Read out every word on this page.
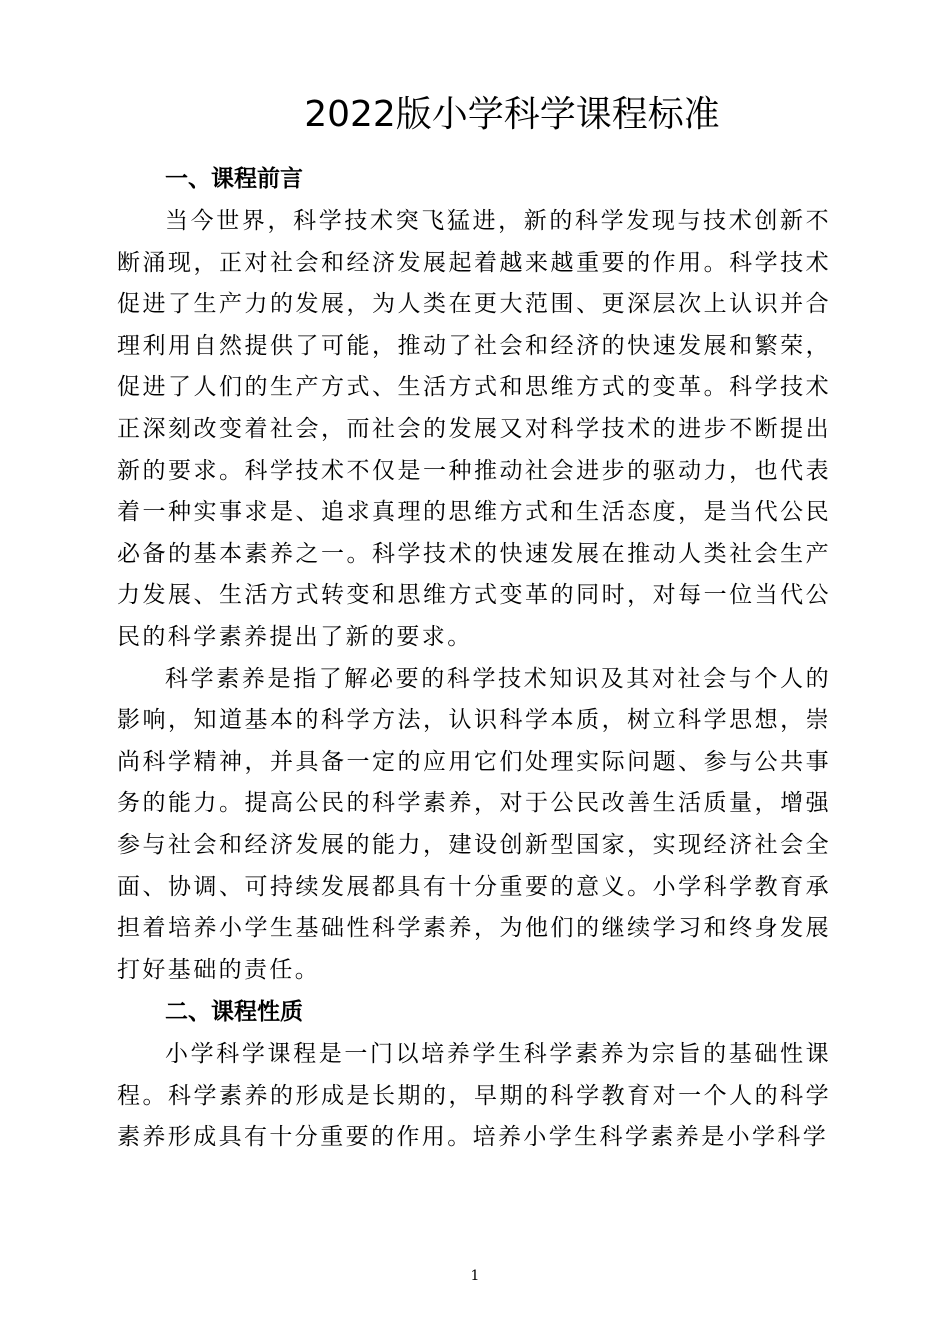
2022版小学科学课程标准
一、课程前言

当今世界，科学技术突飞猛进，新的科学发现与技术创新不断涌现，正对社会和经济发展起着越来越重要的作用。科学技术促进了生产力的发展，为人类在更大范围、更深层次上认识并合理利用自然提供了可能，推动了社会和经济的快速发展和繁荣，促进了人们的生产方式、生活方式和思维方式的变革。科学技术正深刻改变着社会，而社会的发展又对科学技术的进步不断提出新的要求。科学技术不仅是一种推动社会进步的驱动力，也代表着一种实事求是、追求真理的思维方式和生活态度，是当代公民必备的基本素养之一。科学技术的快速发展在推动人类社会生产力发展、生活方式转变和思维方式变革的同时，对每一位当代公民的科学素养提出了新的要求。

科学素养是指了解必要的科学技术知识及其对社会与个人的影响，知道基本的科学方法，认识科学本质，树立科学思想，崇尚科学精神，并具备一定的应用它们处理实际问题、参与公共事务的能力。提高公民的科学素养，对于公民改善生活质量，增强参与社会和经济发展的能力，建设创新型国家，实现经济社会全面、协调、可持续发展都具有十分重要的意义。小学科学教育承担着培养小学生基础性科学素养，为他们的继续学习和终身发展打好基础的责任。

二、课程性质

小学科学课程是一门以培养学生科学素养为宗旨的基础性课程。科学素养的形成是长期的，早期的科学教育对一个人的科学素养形成具有十分重要的作用。培养小学生科学素养是小学科学

1
